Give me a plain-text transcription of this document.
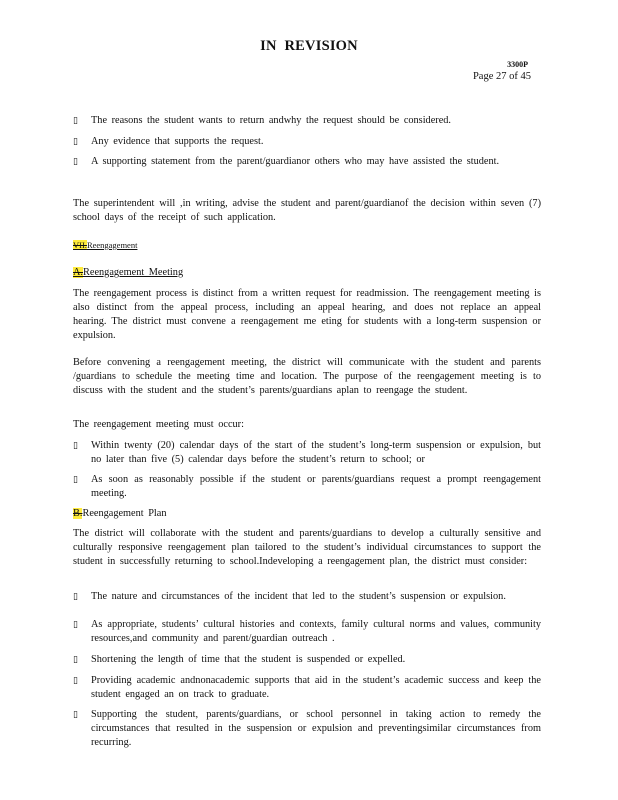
IN REVISION
3300P
Page 27 of 45
▯ The reasons the student wants to return andwhy the request should be considered.
▯ Any evidence that supports the request.
▯ A supporting statement from the parent/guardianor others who may have assisted the student.
The superintendent will ,in writing, advise the student and parent/guardianof the decision within seven (7) school days of the receipt of such application.
VII.Reengagement
A.Reengagement Meeting
The reengagement process is distinct from a written request for readmission. The reengagement meeting is also distinct from the appeal process, including an appeal hearing, and does not replace an appeal hearing. The district must convene a reengagement me eting for students with a long-term suspension or expulsion.
Before convening a reengagement meeting, the district will communicate with the student and parents /guardians to schedule the meeting time and location. The purpose of the reengagement meeting is to discuss with the student and the student’s parents/guardians aplan to reengage the student.
The reengagement meeting must occur:
▯ Within twenty (20) calendar days of the start of the student’s long-term suspension or expulsion, but no later than five (5) calendar days before the student’s return to school; or
▯ As soon as reasonably possible if the student or parents/guardians request a prompt reengagement meeting.
B.Reengagement Plan
The district will collaborate with the student and parents/guardians to develop a culturally sensitive and culturally responsive reengagement plan tailored to the student’s individual circumstances to support the student in successfully returning to school.Indeveloping a reengagement plan, the district must consider:
▯ The nature and circumstances of the incident that led to the student’s suspension or expulsion.
▯ As appropriate, students’ cultural histories and contexts, family cultural norms and values, community resources,and community and parent/guardian outreach .
▯ Shortening the length of time that the student is suspended or expelled.
▯ Providing academic andnonacademic supports that aid in the student’s academic success and keep the student engaged an on track to graduate.
▯ Supporting the student, parents/guardians, or school personnel in taking action to remedy the circumstances that resulted in the suspension or expulsion and preventingsimilar circumstances from recurring.
